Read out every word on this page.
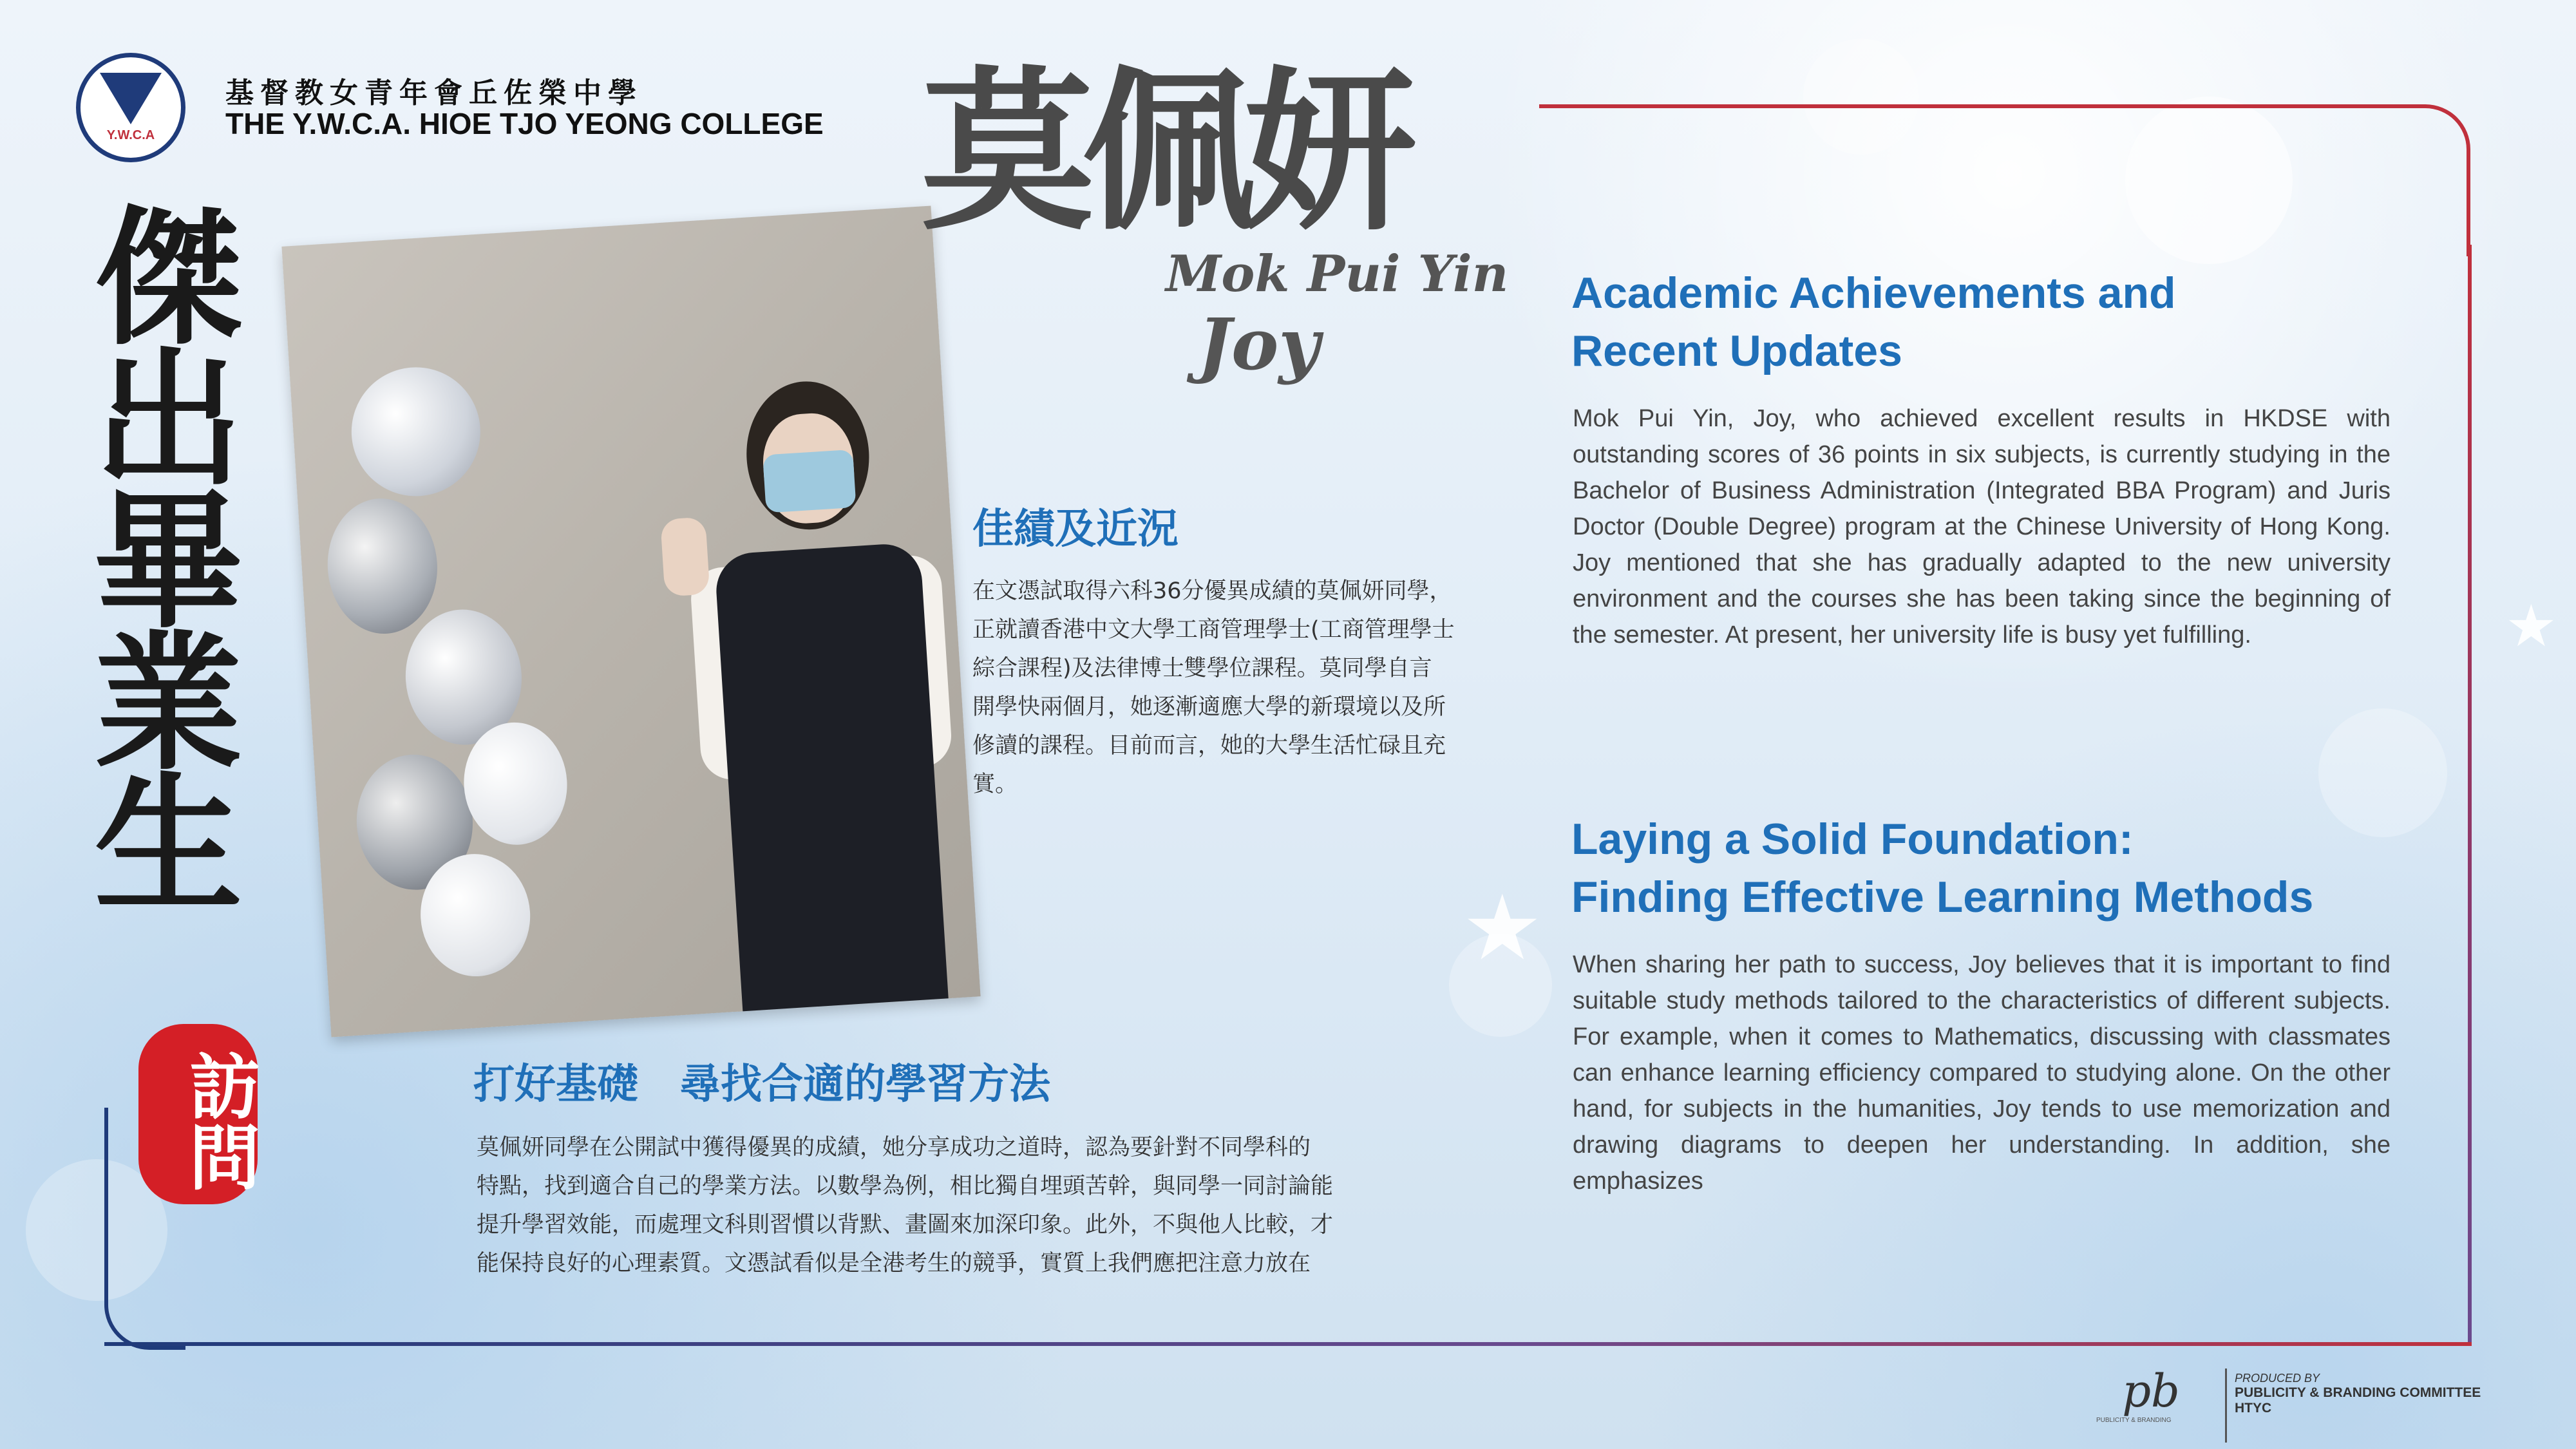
★
★
Y.W.C.A
基督教女青年會丘佐榮中學
THE Y.W.C.A. HIOE TJO YEONG COLLEGE
傑出畢業生
訪問
莫佩妍
Mok Pui Yin
Joy
佳績及近況
在文憑試取得六科36分優異成績的莫佩妍同學，
正就讀香港中文大學工商管理學士(工商管理學士
綜合課程)及法律博士雙學位課程。莫同學自言
開學快兩個月，她逐漸適應大學的新環境以及所
修讀的課程。目前而言，她的大學生活忙碌且充實。
打好基礎　尋找合適的學習方法
莫佩妍同學在公開試中獲得優異的成績，她分享成功之道時，認為要針對不同學科的
特點，找到適合自己的學業方法。以數學為例，相比獨自埋頭苦幹，與同學一同討論能
提升學習效能，而處理文科則習慣以背默、畫圖來加深印象。此外，不與他人比較，才
能保持良好的心理素質。文憑試看似是全港考生的競爭，實質上我們應把注意力放在
Academic Achievements and
Recent Updates
Mok Pui Yin, Joy, who achieved excellent results in HKDSE with outstanding scores of 36 points in six subjects, is currently studying in the Bachelor of Business Administration (Integrated BBA Program) and Juris Doctor (Double Degree) program at the Chinese University of Hong Kong. Joy mentioned that she has gradually adapted to the new university environment and the courses she has been taking since the beginning of the semester. At present, her university life is busy yet fulfilling.
Laying a Solid Foundation:
Finding Effective Learning Methods
When sharing her path to success, Joy believes that it is important to find suitable study methods tailored to the characteristics of different subjects. For example, when it comes to Mathematics, discussing with classmates can enhance learning efficiency compared to studying alone. On the other hand, for subjects in the humanities, Joy tends to use memorization and drawing diagrams to deepen her understanding. In addition, she emphasizes
pb
PUBLICITY & BRANDING
PRODUCED BY
PUBLICITY & BRANDING COMMITTEE
HTYC
